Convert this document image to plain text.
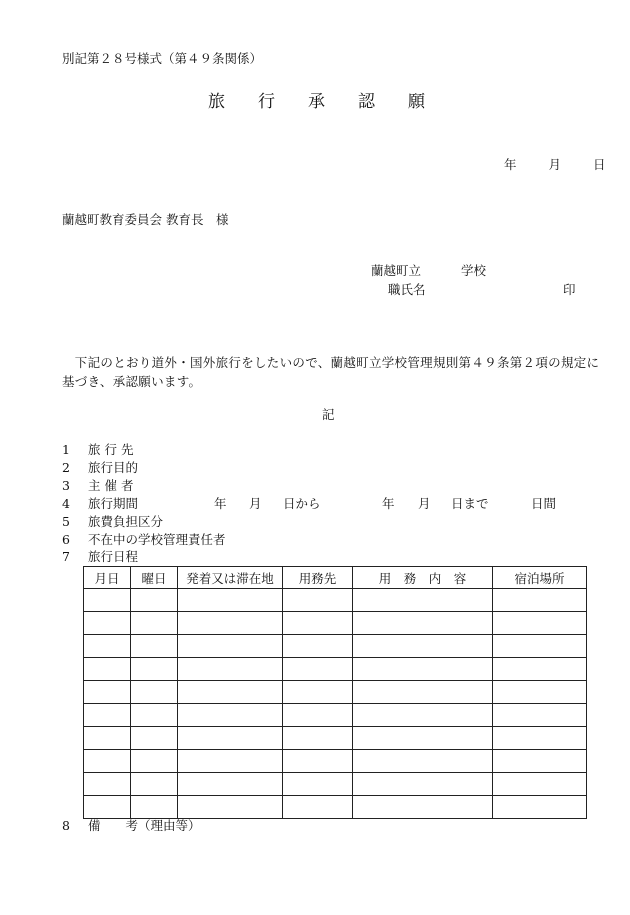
別記第２８号様式（第４９条関係）
旅行承認願
年	月	日
蘭越町教育委員会 教育長　様
蘭越町立	学校
職氏名	印
　下記のとおり道外・国外旅行をしたいので、蘭越町立学校管理規則第４９条第２項の規定に基づき、承認願います。
記
1 旅 行 先
2 旅行目的
3 主 催 者
4 旅行期間	年 月 日から	年 月 日まで	日間
5 旅費負担区分
6 不在中の学校管理責任者
7 旅行日程
8 備　　考（理由等）
月日	曜日	発着又は滞在地	用務先	用　務　内　容	宿泊場所
